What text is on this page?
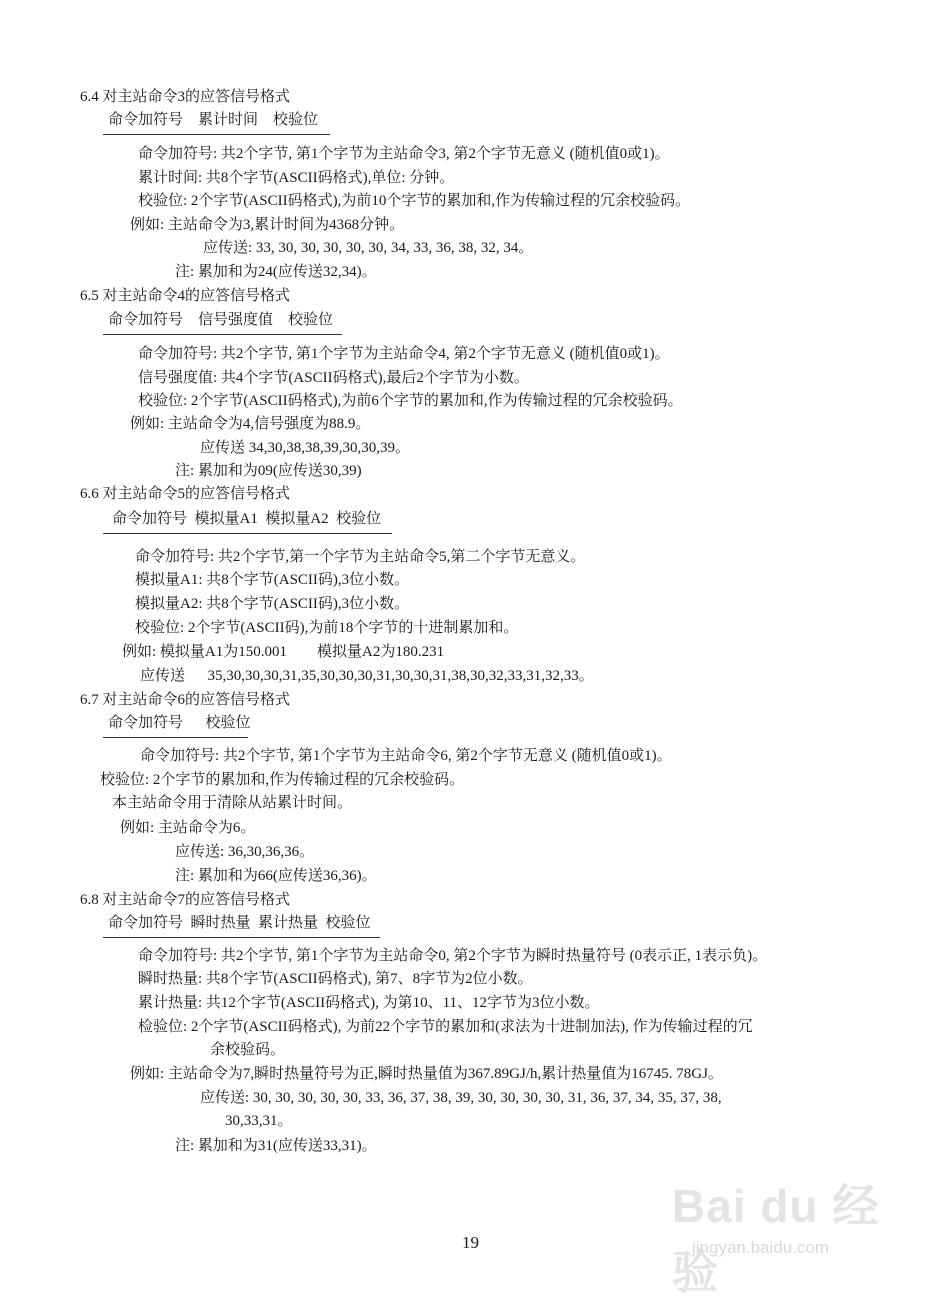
6.4 对主站命令3的应答信号格式
命令加符号    累计时间    校验位
命令加符号: 共2个字节, 第1个字节为主站命令3, 第2个字节无意义 (随机值0或1)。
累计时间: 共8个字节(ASCII码格式),单位: 分钟。
校验位: 2个字节(ASCII码格式),为前10个字节的累加和,作为传输过程的冗余校验码。
例如: 主站命令为3,累计时间为4368分钟。
应传送: 33, 30, 30, 30, 30, 30, 34, 33, 36, 38, 32, 34。
注: 累加和为24(应传送32,34)。
6.5 对主站命令4的应答信号格式
命令加符号    信号强度值    校验位
命令加符号: 共2个字节, 第1个字节为主站命令4, 第2个字节无意义 (随机值0或1)。
信号强度值: 共4个字节(ASCII码格式),最后2个字节为小数。
校验位: 2个字节(ASCII码格式),为前6个字节的累加和,作为传输过程的冗余校验码。
例如: 主站命令为4,信号强度为88.9。
应传送 34,30,38,38,39,30,30,39。
注: 累加和为09(应传送30,39)
6.6 对主站命令5的应答信号格式
命令加符号  模拟量A1  模拟量A2  校验位
命令加符号: 共2个字节,第一个字节为主站命令5,第二个字节无意义。
模拟量A1: 共8个字节(ASCII码),3位小数。
模拟量A2: 共8个字节(ASCII码),3位小数。
校验位: 2个字节(ASCII码),为前18个字节的十进制累加和。
例如: 模拟量A1为150.001        模拟量A2为180.231
应传送      35,30,30,30,31,35,30,30,30,31,30,30,31,38,30,32,33,31,32,33。
6.7 对主站命令6的应答信号格式
命令加符号      校验位
命令加符号: 共2个字节, 第1个字节为主站命令6, 第2个字节无意义 (随机值0或1)。
校验位: 2个字节的累加和,作为传输过程的冗余校验码。
本主站命令用于清除从站累计时间。
例如: 主站命令为6。
应传送: 36,30,36,36。
注: 累加和为66(应传送36,36)。
6.8 对主站命令7的应答信号格式
命令加符号  瞬时热量  累计热量  校验位
命令加符号: 共2个字节, 第1个字节为主站命令0, 第2个字节为瞬时热量符号 (0表示正, 1表示负)。
瞬时热量: 共8个字节(ASCII码格式), 第7、8字节为2位小数。
累计热量: 共12个字节(ASCII码格式), 为第10、11、12字节为3位小数。
检验位: 2个字节(ASCII码格式), 为前22个字节的累加和(求法为十进制加法), 作为传输过程的冗
余校验码。
例如: 主站命令为7,瞬时热量符号为正,瞬时热量值为367.89GJ/h,累计热量值为16745. 78GJ。
应传送: 30, 30, 30, 30, 30, 33, 36, 37, 38, 39, 30, 30, 30, 30, 31, 36, 37, 34, 35, 37, 38,
30,33,31。
注: 累加和为31(应传送33,31)。
Bai du 经验
jingyan.baidu.com
19
